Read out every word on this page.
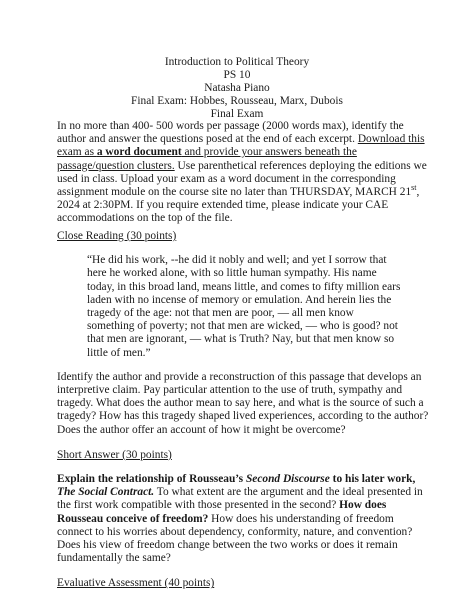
Introduction to Political Theory
PS 10
Natasha Piano
Final Exam: Hobbes, Rousseau, Marx, Dubois
Final Exam

In no more than 400- 500 words per passage (2000 words max), identify the author and answer the questions posed at the end of each excerpt. Download this exam as a word document and provide your answers beneath the passage/question clusters. Use parenthetical references deploying the editions we used in class. Upload your exam as a word document in the corresponding assignment module on the course site no later than THURSDAY, MARCH 21st, 2024 at 2:30PM. If you require extended time, please indicate your CAE accommodations on the top of the file.

Close Reading (30 points)

“He did his work, --he did it nobly and well; and yet I sorrow that here he worked alone, with so little human sympathy. His name today, in this broad land, means little, and comes to fifty million ears laden with no incense of memory or emulation. And herein lies the tragedy of the age: not that men are poor, — all men know something of poverty; not that men are wicked, — who is good? not that men are ignorant, — what is Truth? Nay, but that men know so little of men.”

Identify the author and provide a reconstruction of this passage that develops an interpretive claim. Pay particular attention to the use of truth, sympathy and tragedy. What does the author mean to say here, and what is the source of such a tragedy? How has this tragedy shaped lived experiences, according to the author? Does the author offer an account of how it might be overcome?

Short Answer (30 points)

Explain the relationship of Rousseau’s Second Discourse to his later work, The Social Contract. To what extent are the argument and the ideal presented in the first work compatible with those presented in the second? How does Rousseau conceive of freedom? How does his understanding of freedom connect to his worries about dependency, conformity, nature, and convention? Does his view of freedom change between the two works or does it remain fundamentally the same?

Evaluative Assessment (40 points)
